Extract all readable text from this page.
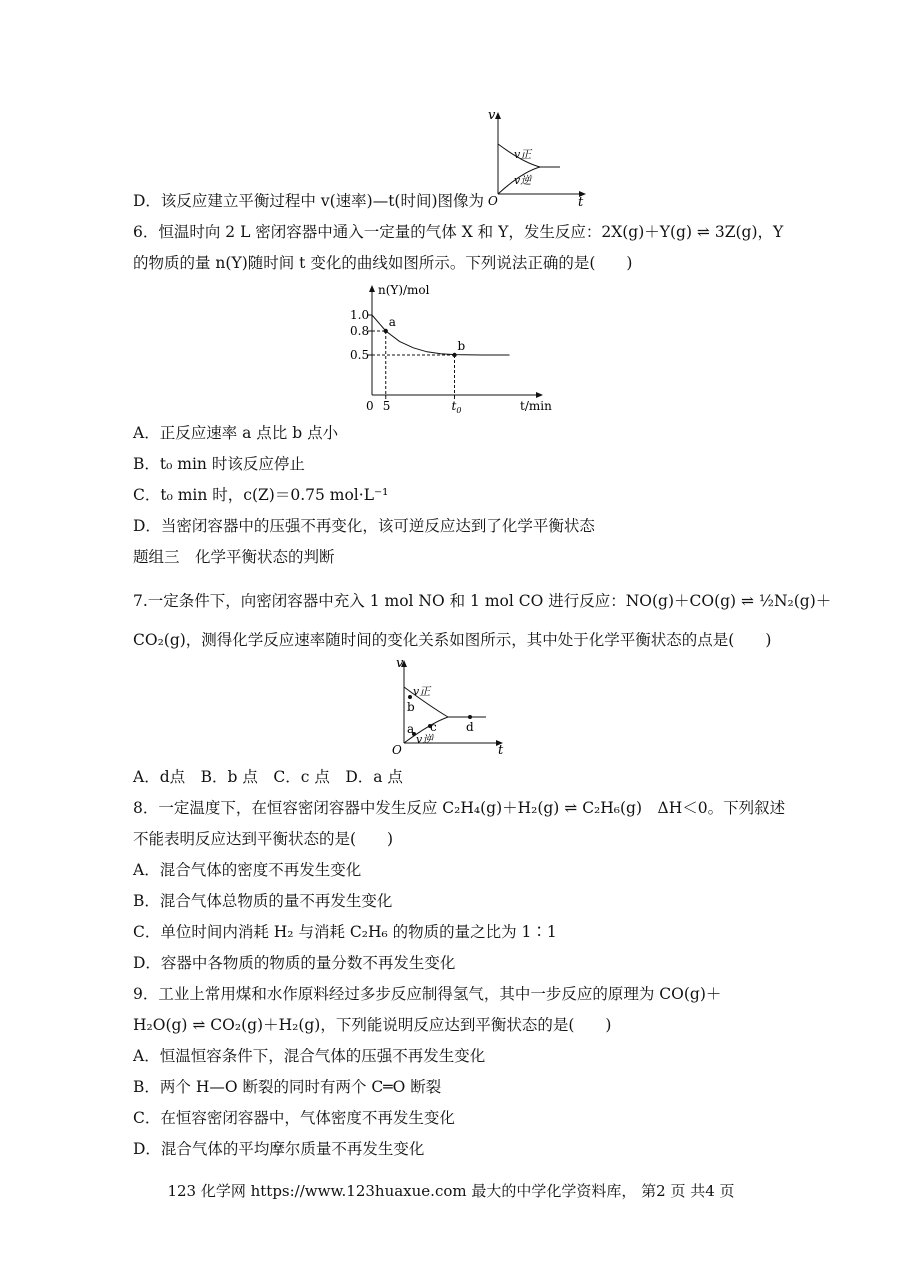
D．该反应建立平衡过程中 v(速率)—t(时间)图像为
v
t
O
v正
v逆
6．恒温时向 2 L 密闭容器中通入一定量的气体 X 和 Y，发生反应：2X(g)＋Y(g) ⇌ 3Z(g)，Y
的物质的量 n(Y)随时间 t 变化的曲线如图所示。下列说法正确的是(　　)
1.0
0.8
0.5
5	$t_0$
a
b
n(Y)/mol
t/min
0
A．正反应速率 a 点比 b 点小
B．t₀ min 时该反应停止
C．t₀ min 时，c(Z)＝0.75 mol·L⁻¹
D．当密闭容器中的压强不再变化，该可逆反应达到了化学平衡状态
题组三　化学平衡状态的判断
7.一定条件下，向密闭容器中充入 1 mol NO 和 1 mol CO 进行反应：NO(g)＋CO(g) ⇌ ½N₂(g)＋
CO₂(g)，测得化学反应速率随时间的变化关系如图所示，其中处于化学平衡状态的点是(　　)
v
t
O
v正
v逆
a
b
c d
A．d点　B．b 点　C．c 点　D．a 点
8．一定温度下，在恒容密闭容器中发生反应 C₂H₄(g)＋H₂(g) ⇌ C₂H₆(g)　ΔH＜0。下列叙述
不能表明反应达到平衡状态的是(　　)
A．混合气体的密度不再发生变化
B．混合气体总物质的量不再发生变化
C．单位时间内消耗 H₂ 与消耗 C₂H₆ 的物质的量之比为 1∶1
D．容器中各物质的物质的量分数不再发生变化
9．工业上常用煤和水作原料经过多步反应制得氢气，其中一步反应的原理为 CO(g)＋
H₂O(g) ⇌ CO₂(g)＋H₂(g)，下列能说明反应达到平衡状态的是(　　)
A．恒温恒容条件下，混合气体的压强不再发生变化
B．两个 H—O 断裂的同时有两个 C═O 断裂
C．在恒容密闭容器中，气体密度不再发生变化
D．混合气体的平均摩尔质量不再发生变化
123 化学网 https://www.123huaxue.com 最大的中学化学资料库， 第2 页 共4 页
